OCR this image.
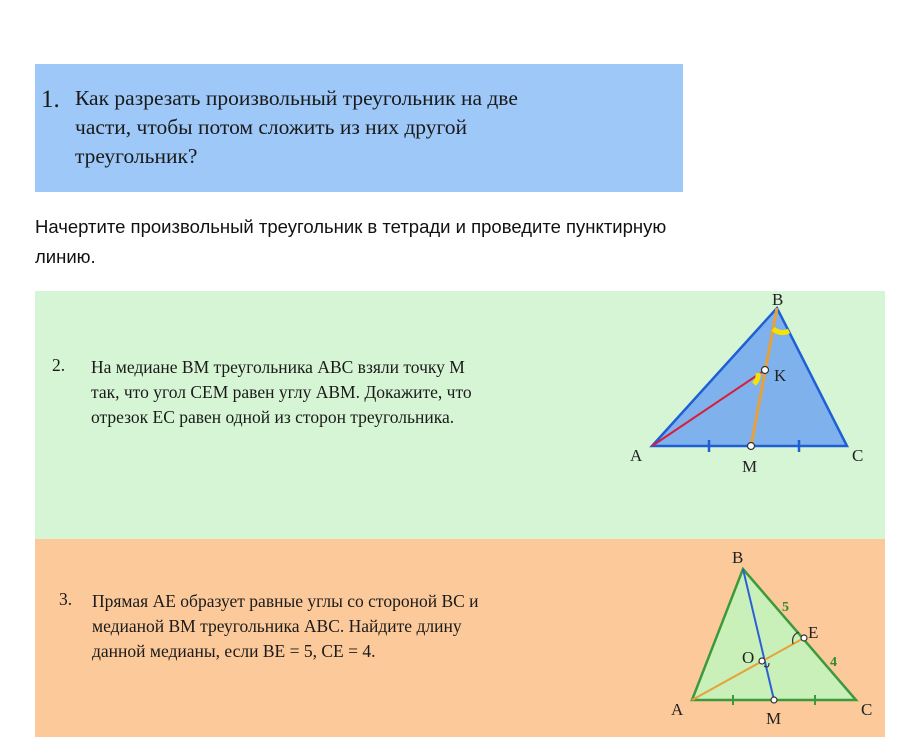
1. Как разрезать произвольный треугольник на две
части, чтобы потом сложить из них другой
треугольник?
Начертите произвольный треугольник в тетради и проведите пунктирную
линию.
2. На медиане ВМ треугольника АВС взяли точку М
так, что угол СЕМ равен углу АВМ. Докажите, что
отрезок ЕС равен одной из сторон треугольника.
B
K
A
M
C
3. Прямая АЕ образует равные углы со стороной ВС и
медианой ВМ треугольника АВС. Найдите длину
данной медианы, если ВЕ = 5, СЕ = 4.
B
5
E
4
O
A	M	C
